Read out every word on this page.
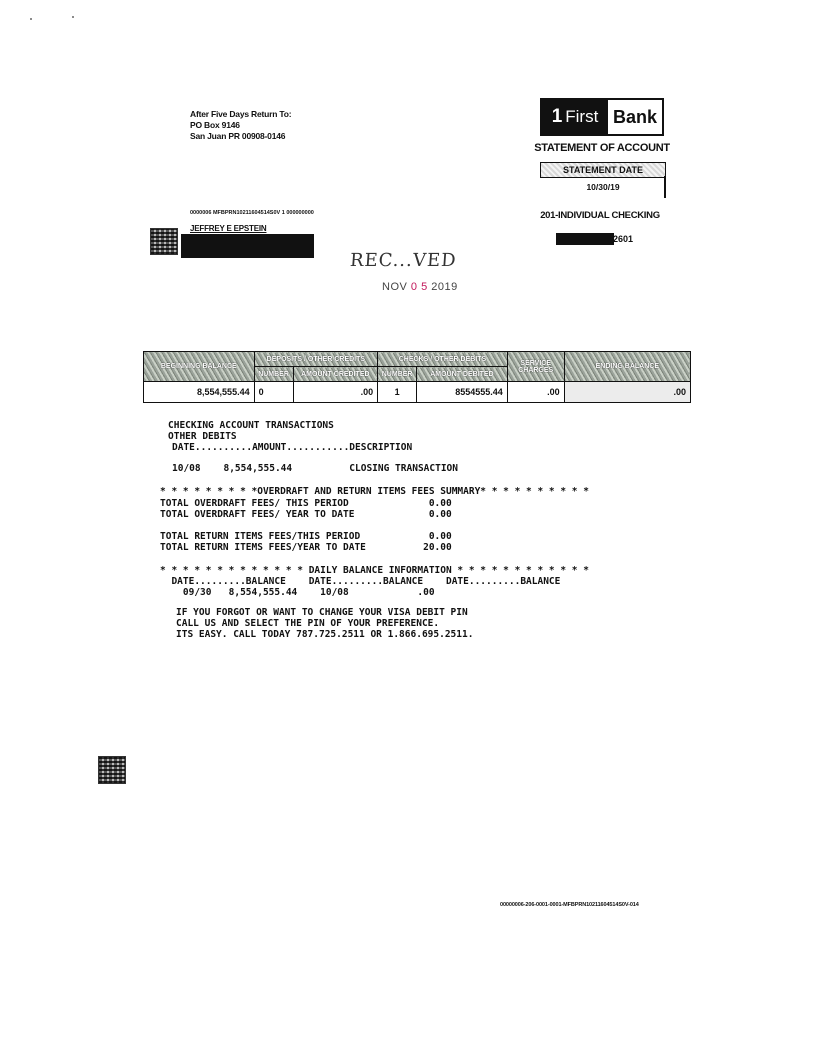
After Five Days Return To:
PO Box 9146
San Juan PR 00908-0146
1 First Bank
STATEMENT OF ACCOUNT
STATEMENT DATE
10/30/19
201-INDIVIDUAL CHECKING
2601
0000006 MFBPRN10211604514S0V 1 000000000
JEFFREY E EPSTEIN
REC...VED
NOV 0 5 2019
BEGINNING BALANCE	DEPOSITS / OTHER CREDITS		CHECKS / OTHER DEBITS		SERVICE CHARGES	ENDING BALANCE
	NUMBER	AMOUNT CREDITED	NUMBER	AMOUNT DEBITED		
8,554,555.44	0	.00	1	8554555.44	.00	.00
CHECKING ACCOUNT TRANSACTIONS
OTHER DEBITS
DATE..........AMOUNT...........DESCRIPTION
10/08    8,554,555.44          CLOSING TRANSACTION
* * * * * * * * *OVERDRAFT AND RETURN ITEMS FEES SUMMARY* * * * * * * * * *
TOTAL OVERDRAFT FEES/ THIS PERIOD              0.00
TOTAL OVERDRAFT FEES/ YEAR TO DATE             0.00
TOTAL RETURN ITEMS FEES/THIS PERIOD            0.00
TOTAL RETURN ITEMS FEES/YEAR TO DATE          20.00
* * * * * * * * * * * * * DAILY BALANCE INFORMATION * * * * * * * * * * * *
DATE.........BALANCE    DATE.........BALANCE    DATE.........BALANCE
09/30   8,554,555.44    10/08            .00
IF YOU FORGOT OR WANT TO CHANGE YOUR VISA DEBIT PIN
CALL US AND SELECT THE PIN OF YOUR PREFERENCE.
ITS EASY. CALL TODAY 787.725.2511 OR 1.866.695.2511.
00000006-206-0001-0001-MFBPRN10211604514S0V-014
